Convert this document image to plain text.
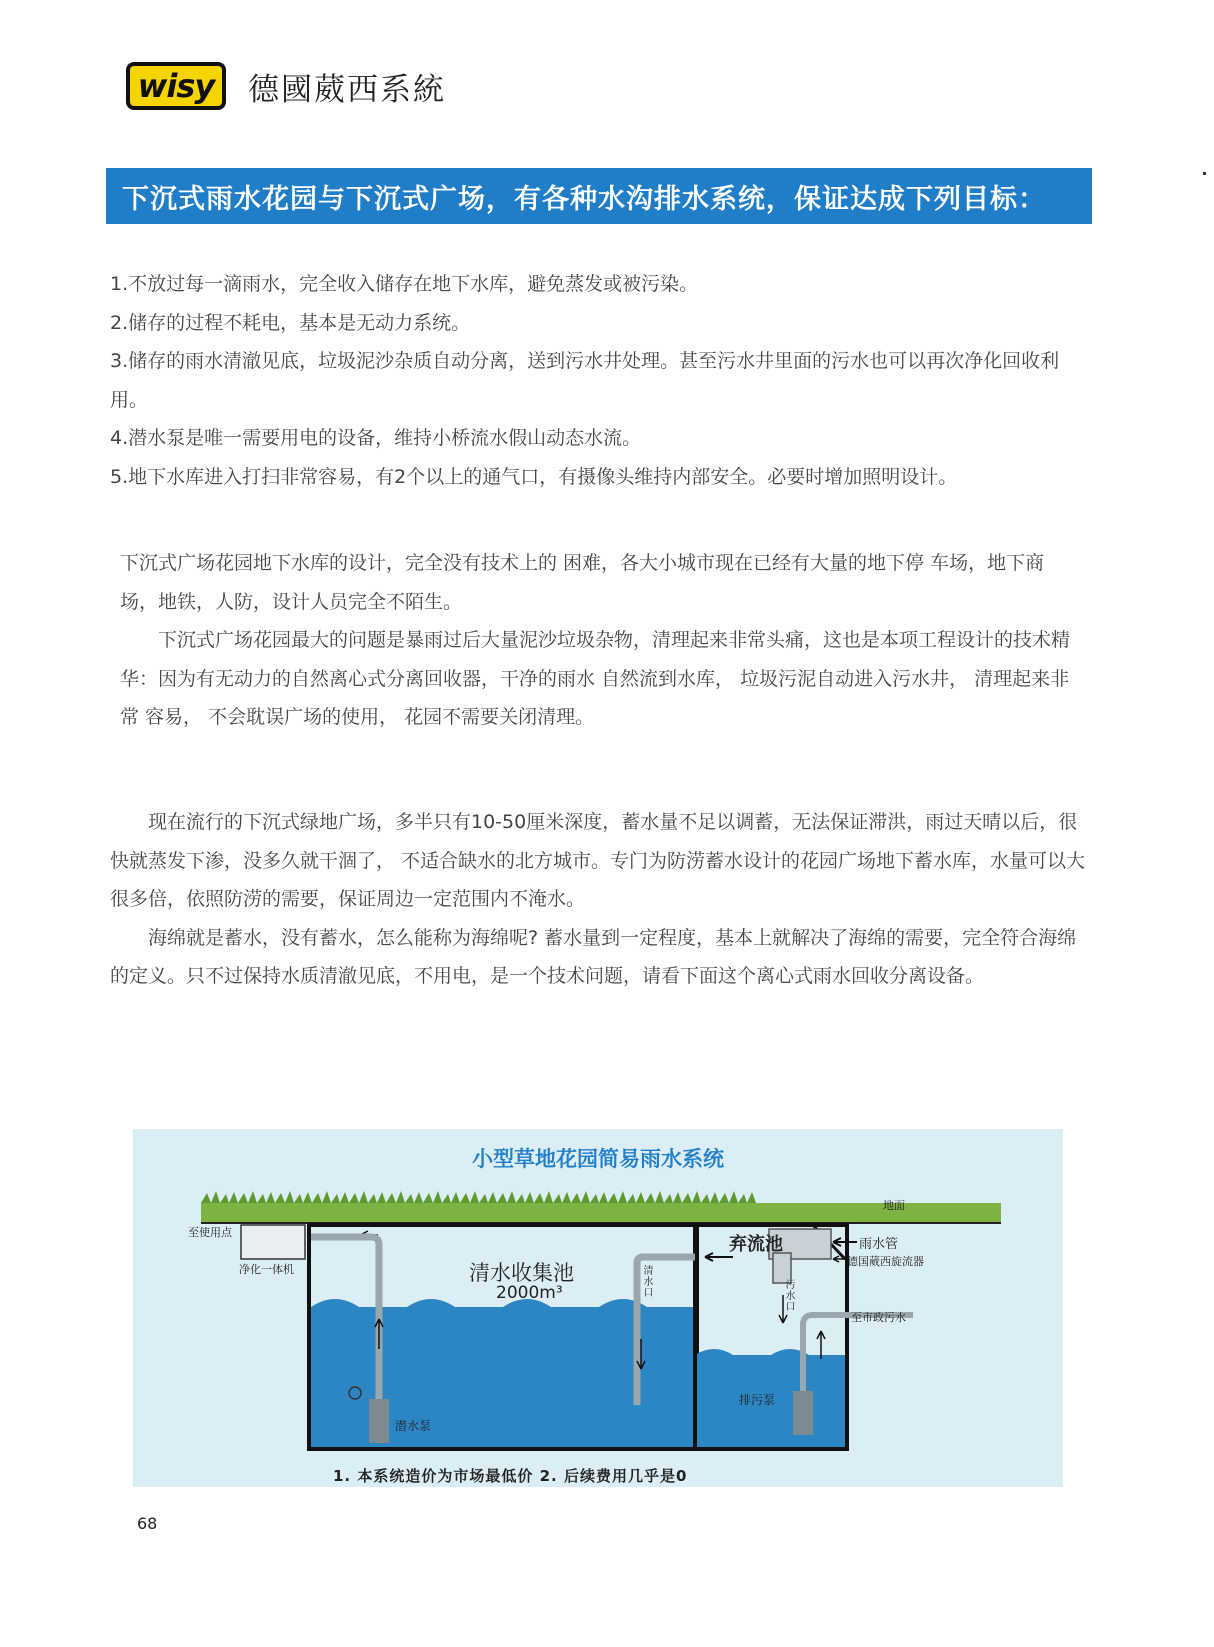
wisy 德國葳西系統
下沉式雨水花园与下沉式广场，有各种水沟排水系统，保证达成下列目标：

1.不放过每一滴雨水，完全收入储存在地下水库，避免蒸发或被污染。

2.储存的过程不耗电，基本是无动力系统。

3.储存的雨水清澈见底，垃圾泥沙杂质自动分离，送到污水井处理。甚至污水井里面的污水也可以再次净化回收利用。

4.潜水泵是唯一需要用电的设备，维持小桥流水假山动态水流。

5.地下水库进入打扫非常容易，有2个以上的通气口，有摄像头维持内部安全。必要时增加照明设计。

下沉式广场花园地下水库的设计，完全没有技术上的 困难，各大小城市现在已经有大量的地下停 车场，地下商 场，地铁，人防，设计人员完全不陌生。

下沉式广场花园最大的问题是暴雨过后大量泥沙垃圾杂物，清理起来非常头痛，这也是本项工程设计的技术精华：因为有无动力的自然离心式分离回收器，干净的雨水 自然流到水库， 垃圾污泥自动进入污水井， 清理起来非常 容易， 不会耽误广场的使用， 花园不需要关闭清理。

现在流行的下沉式绿地广场，多半只有10-50厘米深度，蓄水量不足以调蓄，无法保证滞洪，雨过天晴以后，很快就蒸发下渗，没多久就干涸了， 不适合缺水的北方城市。专门为防涝蓄水设计的花园广场地下蓄水库，水量可以大很多倍，依照防涝的需要，保证周边一定范围内不淹水。

海绵就是蓄水，没有蓄水，怎么能称为海绵呢? 蓄水量到一定程度，基本上就解决了海绵的需要，完全符合海绵的定义。只不过保持水质清澈见底，不用电，是一个技术问题，请看下面这个离心式雨水回收分离设备。

小型草地花园简易雨水系统
地面
至使用点
净化一体机	清水收集池
2000m³	清水口
弃流池	雨水管
德国葳西旋流器
污水口
至市政污水
潜水泵
排污泵
1. 本系统造价为市场最低价 2. 后续费用几乎是0
68
